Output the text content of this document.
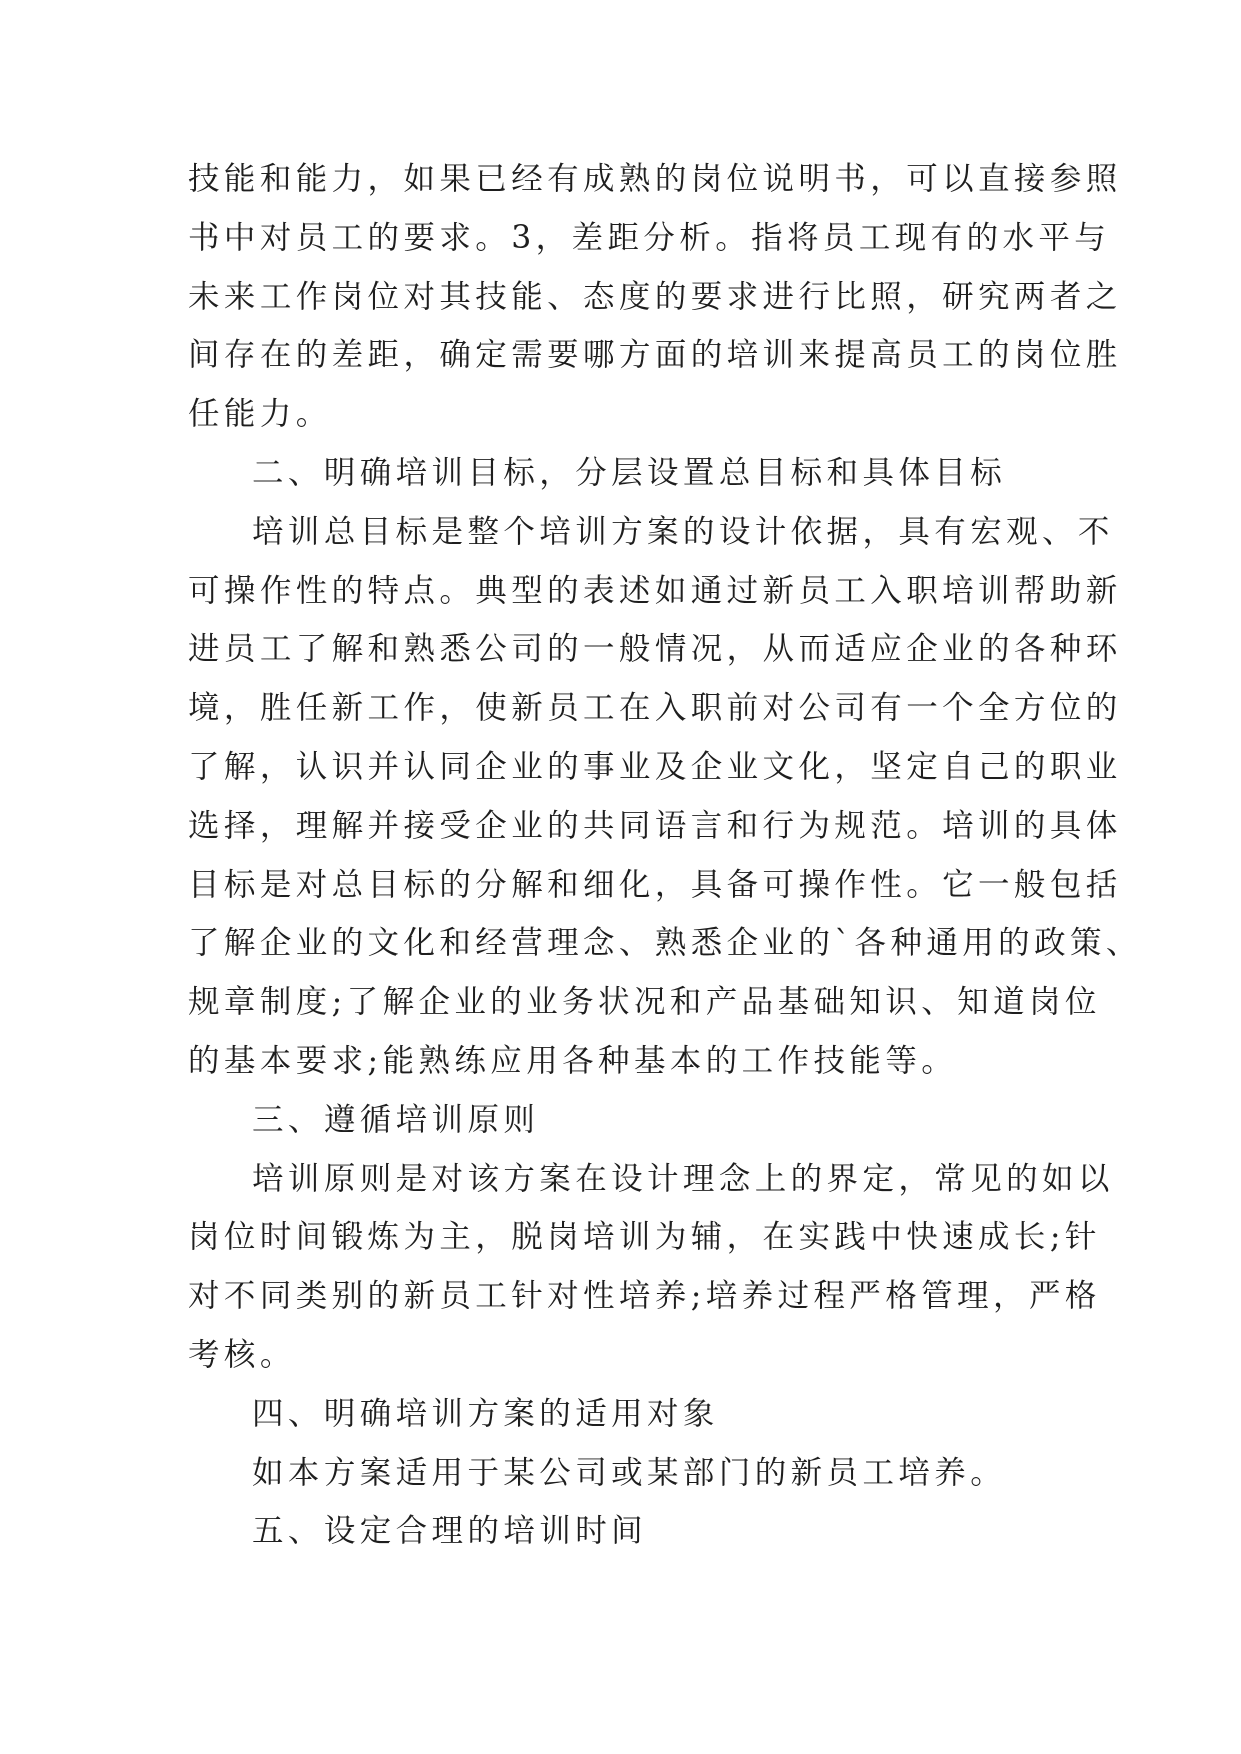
技能和能力，如果已经有成熟的岗位说明书，可以直接参照
书中对员工的要求。3，差距分析。指将员工现有的水平与
未来工作岗位对其技能、态度的要求进行比照，研究两者之
间存在的差距，确定需要哪方面的培训来提高员工的岗位胜
任能力。
二、明确培训目标，分层设置总目标和具体目标
培训总目标是整个培训方案的设计依据，具有宏观、不
可操作性的特点。典型的表述如通过新员工入职培训帮助新
进员工了解和熟悉公司的一般情况，从而适应企业的各种环
境，胜任新工作，使新员工在入职前对公司有一个全方位的
了解，认识并认同企业的事业及企业文化，坚定自己的职业
选择，理解并接受企业的共同语言和行为规范。培训的具体
目标是对总目标的分解和细化，具备可操作性。它一般包括
了解企业的文化和经营理念、熟悉企业的`各种通用的政策、
规章制度;了解企业的业务状况和产品基础知识、知道岗位
的基本要求;能熟练应用各种基本的工作技能等。
三、遵循培训原则
培训原则是对该方案在设计理念上的界定，常见的如以
岗位时间锻炼为主，脱岗培训为辅，在实践中快速成长;针
对不同类别的新员工针对性培养;培养过程严格管理，严格
考核。
四、明确培训方案的适用对象
如本方案适用于某公司或某部门的新员工培养。
五、设定合理的培训时间
